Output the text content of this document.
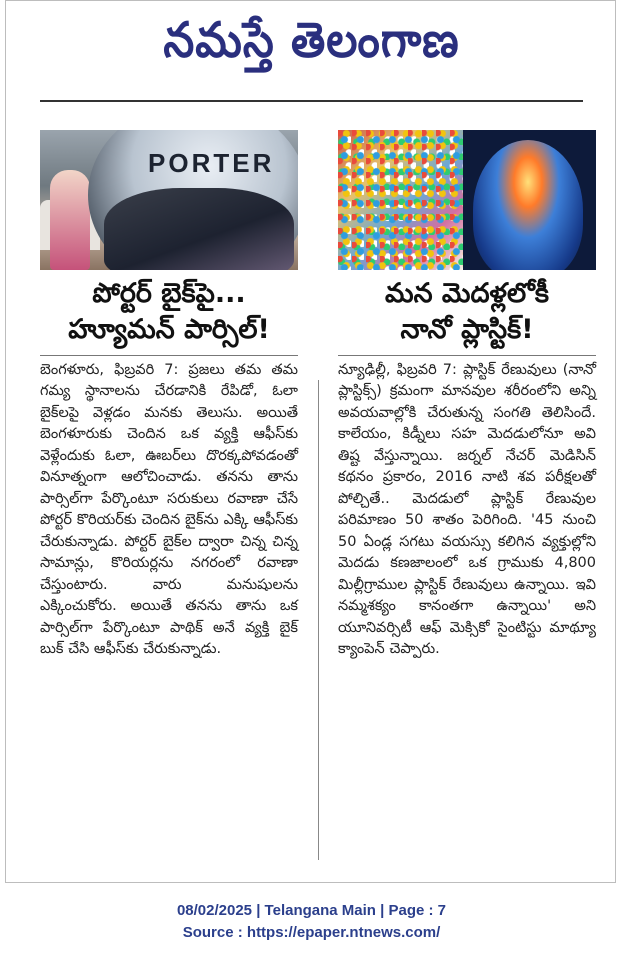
నమస్తే తెలంగాణ
PORTER
పోర్టర్ బైక్‌పై...
హ్యూమన్ పార్సిల్!

బెంగళూరు, ఫిబ్రవరి 7: ప్రజలు తమ తమ గమ్య స్థానాలను చేరడానికి రేపిడో, ఓలా బైక్‌లపై వెళ్లడం మనకు తెలుసు. అయితే బెంగళూరుకు చెందిన ఒక వ్యక్తి ఆఫీస్‌కు వెళ్లేందుకు ఓలా, ఊబర్‌లు దొరక్కపోవడంతో వినూత్నంగా ఆలోచించాడు. తనను తాను పార్సిల్‌గా పేర్కొంటూ సరుకులు రవాణా చేసే పోర్టర్ కొరియర్‌కు చెందిన బైక్‌ను ఎక్కి ఆఫీస్‌కు చేరుకున్నాడు. పోర్టర్ బైక్‌ల ద్వారా చిన్న చిన్న సామాన్లు, కొరియర్లను నగరంలో రవాణా చేస్తుంటారు. వారు మనుషులను ఎక్కించుకోరు. అయితే తనను తాను ఒక పార్సిల్‌గా పేర్కొంటూ పాథిక్ అనే వ్యక్తి బైక్ బుక్ చేసి ఆఫీస్‌కు చేరుకున్నాడు.

మన మెదళ్లలోకీ
నానో ప్లాస్టిక్!

న్యూఢిల్లీ, ఫిబ్రవరి 7: ప్లాస్టిక్ రేణువులు (నానో ప్లాస్టిక్స్) క్రమంగా మానవుల శరీరంలోని అన్ని అవయవాల్లోకి చేరుతున్న సంగతి తెలిసిందే. కాలేయం, కిడ్నీలు సహ మెదడులోనూ అవి తిష్ట వేస్తున్నాయి. జర్నల్ నేచర్ మెడిసిన్ కథనం ప్రకారం, 2016 నాటి శవ పరీక్షలతో పోల్చితే.. మెదడులో ప్లాస్టిక్ రేణువుల పరిమాణం 50 శాతం పెరిగింది. '45 నుంచి 50 ఏండ్ల సగటు వయస్సు కలిగిన వ్యక్తుల్లోని మెదడు కణజాలంలో ఒక గ్రాముకు 4,800 మిల్లీగ్రాముల ప్లాస్టిక్ రేణువులు ఉన్నాయి. ఇవి నమ్మశక్యం కానంతగా ఉన్నాయి' అని యూనివర్సిటీ ఆఫ్ మెక్సికో సైంటిస్టు మాథ్యూ క్యాంపెన్ చెప్పారు.

08/02/2025 | Telangana Main | Page : 7
Source : https://epaper.ntnews.com/
